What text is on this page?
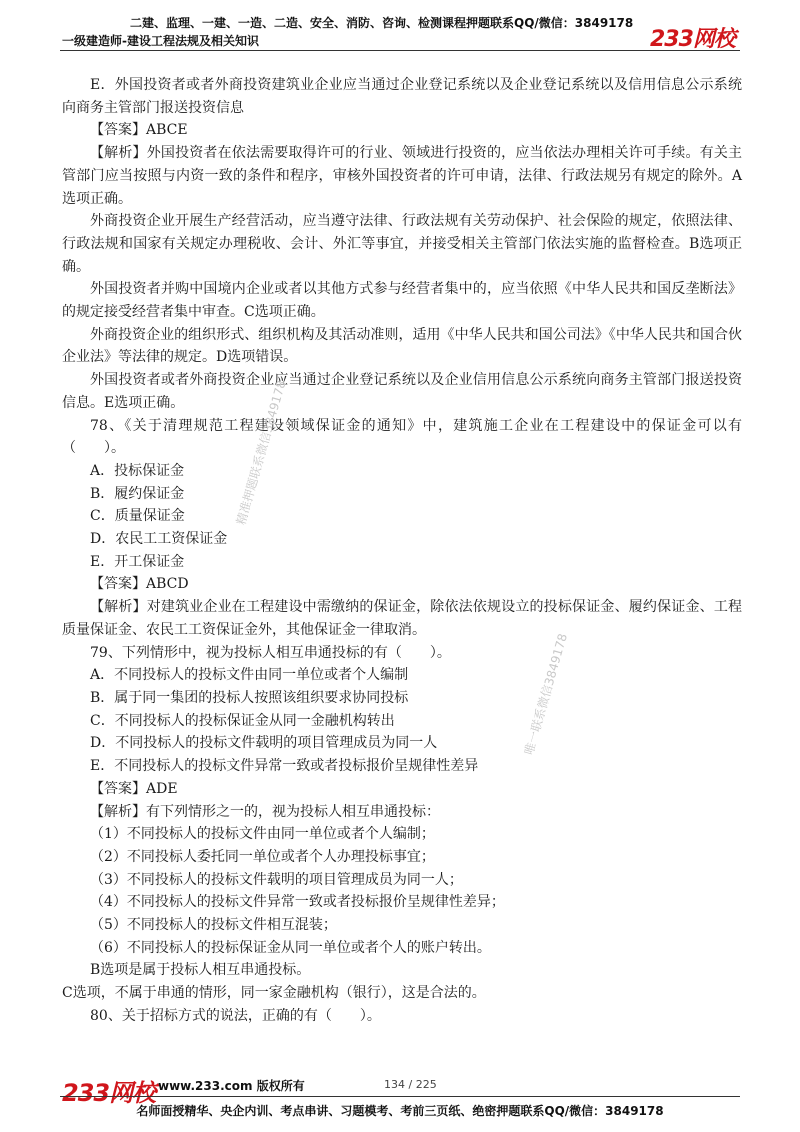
二建、监理、一建、一造、二造、安全、消防、咨询、检测课程押题联系QQ/微信：3849178
一级建造师-建设工程法规及相关知识	233网校

E．外国投资者或者外商投资建筑业企业应当通过企业登记系统以及企业登记系统以及信用信息公示系统向商务主管部门报送投资信息

【答案】ABCE

【解析】外国投资者在依法需要取得许可的行业、领域进行投资的，应当依法办理相关许可手续。有关主管部门应当按照与内资一致的条件和程序，审核外国投资者的许可申请，法律、行政法规另有规定的除外。A选项正确。

外商投资企业开展生产经营活动，应当遵守法律、行政法规有关劳动保护、社会保险的规定，依照法律、行政法规和国家有关规定办理税收、会计、外汇等事宜，并接受相关主管部门依法实施的监督检查。B选项正确。

外国投资者并购中国境内企业或者以其他方式参与经营者集中的，应当依照《中华人民共和国反垄断法》的规定接受经营者集中审查。C选项正确。

外商投资企业的组织形式、组织机构及其活动准则，适用《中华人民共和国公司法》《中华人民共和国合伙企业法》等法律的规定。D选项错误。

外国投资者或者外商投资企业应当通过企业登记系统以及企业信用信息公示系统向商务主管部门报送投资信息。E选项正确。

78、《关于清理规范工程建设领域保证金的通知》中，建筑施工企业在工程建设中的保证金可以有（　　）。

A．投标保证金

B．履约保证金

C．质量保证金

D．农民工工资保证金

E．开工保证金

【答案】ABCD

【解析】对建筑业企业在工程建设中需缴纳的保证金，除依法依规设立的投标保证金、履约保证金、工程质量保证金、农民工工资保证金外，其他保证金一律取消。

79、下列情形中，视为投标人相互串通投标的有（　　）。

A．不同投标人的投标文件由同一单位或者个人编制

B．属于同一集团的投标人按照该组织要求协同投标

C．不同投标人的投标保证金从同一金融机构转出

D．不同投标人的投标文件载明的项目管理成员为同一人

E．不同投标人的投标文件异常一致或者投标报价呈规律性差异

【答案】ADE

【解析】有下列情形之一的，视为投标人相互串通投标：

（1）不同投标人的投标文件由同一单位或者个人编制；

（2）不同投标人委托同一单位或者个人办理投标事宜；

（3）不同投标人的投标文件载明的项目管理成员为同一人；

（4）不同投标人的投标文件异常一致或者投标报价呈规律性差异；

（5）不同投标人的投标文件相互混装；

（6）不同投标人的投标保证金从同一单位或者个人的账户转出。

B选项是属于投标人相互串通投标。

C选项，不属于串通的情形，同一家金融机构（银行），这是合法的。

80、关于招标方式的说法，正确的有（　　）。

精准押题联系微信3849178
唯一联系微信3849178
233网校 www.233.com 版权所有	134 / 225
名师面授精华、央企内训、考点串讲、习题模考、考前三页纸、绝密押题联系QQ/微信：3849178
